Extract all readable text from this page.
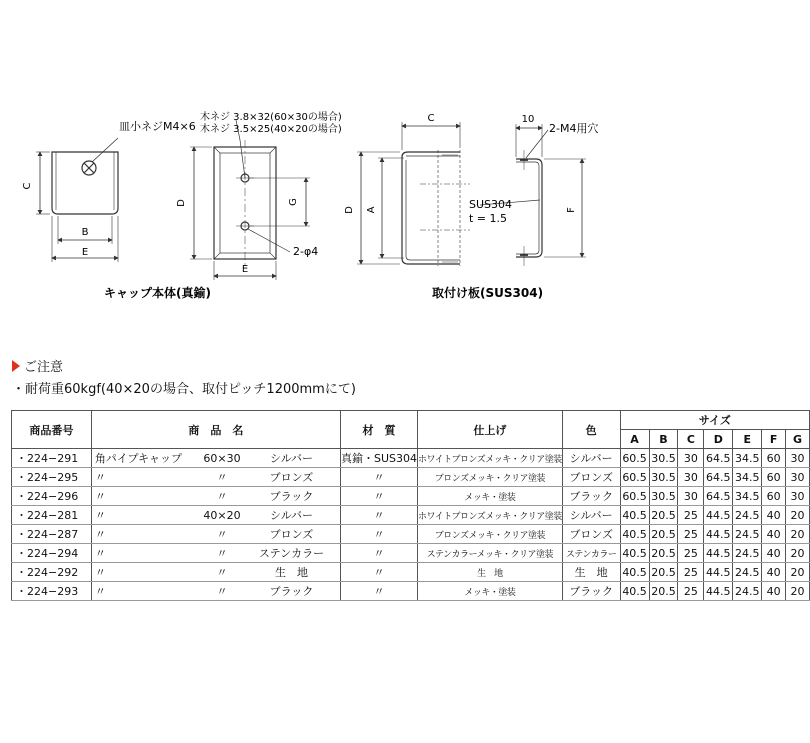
C
B
E
皿小ネジM4×6
D	G
E
木ネジ 3.8×32(60×30の場合)
木ネジ 3.5×25(40×20の場合)
2-φ4
キャップ本体(真鍮)
C
D A
10
2-M4用穴
SUS304
t = 1.5
F
取付け板(SUS304)
ご注意
・耐荷重60kgf(40×20の場合、取付ピッチ1200mmにて)
商品番号	商　品　名			材　質	仕上げ	色	サイズ						
							A	B	C	D	E	F	G
・224−291	角パイプキャップ	60×30	シルバー	真鍮・SUS304	ホワイトブロンズメッキ・クリア塗装	シルバー	60.5	30.5	30	64.5	34.5	60	30
・224−295	〃	〃	ブロンズ	〃	ブロンズメッキ・クリア塗装	ブロンズ	60.5	30.5	30	64.5	34.5	60	30
・224−296	〃	〃	ブラック	〃	メッキ・塗装	ブラック	60.5	30.5	30	64.5	34.5	60	30
・224−281	〃	40×20	シルバー	〃	ホワイトブロンズメッキ・クリア塗装	シルバー	40.5	20.5	25	44.5	24.5	40	20
・224−287	〃	〃	ブロンズ	〃	ブロンズメッキ・クリア塗装	ブロンズ	40.5	20.5	25	44.5	24.5	40	20
・224−294	〃	〃	ステンカラー	〃	ステンカラーメッキ・クリア塗装	ステンカラー	40.5	20.5	25	44.5	24.5	40	20
・224−292	〃	〃	生　地	〃	生　地	生　地	40.5	20.5	25	44.5	24.5	40	20
・224−293	〃	〃	ブラック	〃	メッキ・塗装	ブラック	40.5	20.5	25	44.5	24.5	40	20
